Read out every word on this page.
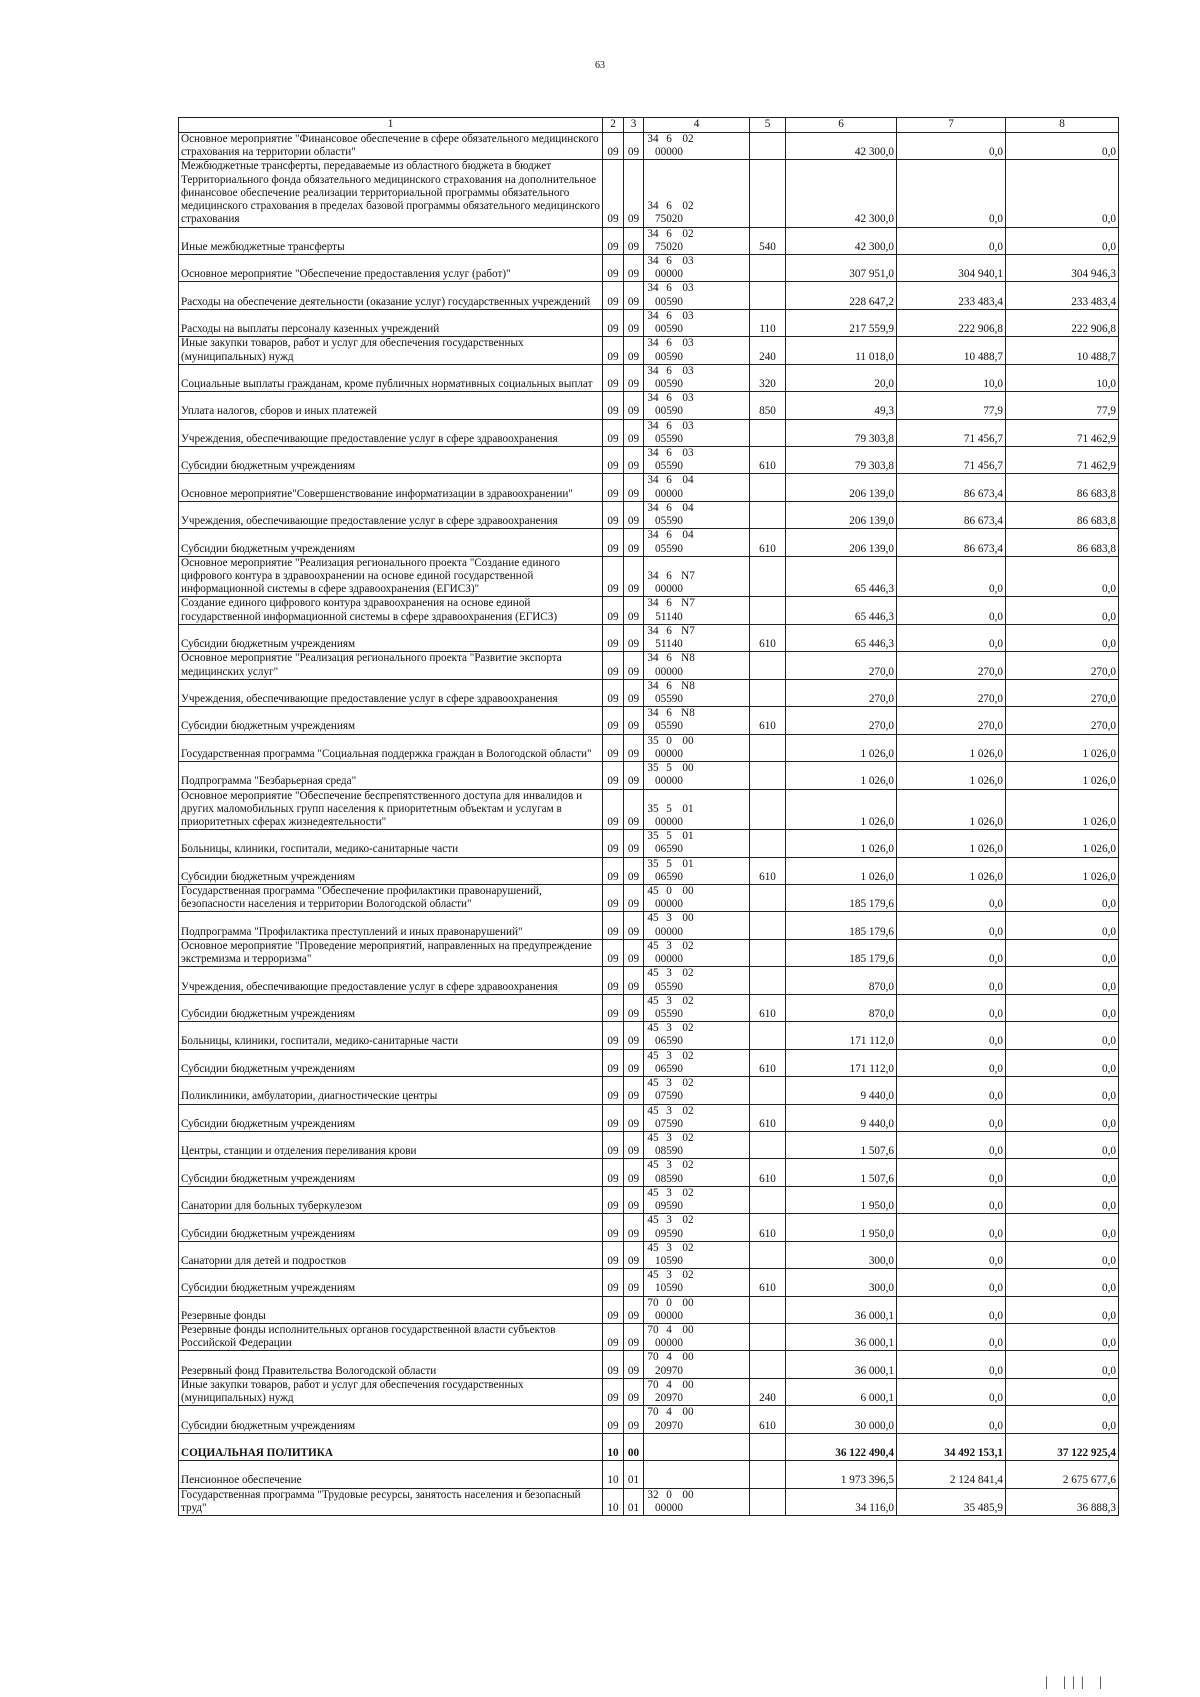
63
1	2	3	4	5	6	7	8
Основное мероприятие "Финансовое обеспечение в сфере обязательного медицинского страхования на территории области"	09	09	34 6 0200000		42 300,0	0,0	0,0
Межбюджетные трансферты, передаваемые из областного бюджета в бюджет Территориального фонда обязательного медицинского страхования на дополнительное финансовое обеспечение реализации территориальной программы обязательного медицинского страхования в пределах базовой программы обязательного медицинского страхования	09	09	34 6 0275020		42 300,0	0,0	0,0
Иные межбюджетные трансферты	09	09	34 6 0275020	540	42 300,0	0,0	0,0
Основное мероприятие "Обеспечение предоставления услуг (работ)"	09	09	34 6 0300000		307 951,0	304 940,1	304 946,3
Расходы на обеспечение деятельности (оказание услуг) государственных учреждений	09	09	34 6 0300590		228 647,2	233 483,4	233 483,4
Расходы на выплаты персоналу казенных учреждений	09	09	34 6 0300590	110	217 559,9	222 906,8	222 906,8
Иные закупки товаров, работ и услуг для обеспечения государственных (муниципальных) нужд	09	09	34 6 0300590	240	11 018,0	10 488,7	10 488,7
Социальные выплаты гражданам, кроме публичных нормативных социальных выплат	09	09	34 6 0300590	320	20,0	10,0	10,0
Уплата налогов, сборов и иных платежей	09	09	34 6 0300590	850	49,3	77,9	77,9
Учреждения, обеспечивающие предоставление услуг в сфере здравоохранения	09	09	34 6 0305590		79 303,8	71 456,7	71 462,9
Субсидии бюджетным учреждениям	09	09	34 6 0305590	610	79 303,8	71 456,7	71 462,9
Основное мероприятие"Совершенствование информатизации в здравоохранении"	09	09	34 6 0400000		206 139,0	86 673,4	86 683,8
Учреждения, обеспечивающие предоставление услуг в сфере здравоохранения	09	09	34 6 0405590		206 139,0	86 673,4	86 683,8
Субсидии бюджетным учреждениям	09	09	34 6 0405590	610	206 139,0	86 673,4	86 683,8
Основное мероприятие "Реализация регионального проекта "Создание единого цифрового контура в здравоохранении на основе единой государственной информационной системы в сфере здравоохранения (ЕГИСЗ)"	09	09	34 6 N700000		65 446,3	0,0	0,0
Создание единого цифрового контура здравоохранения на основе единой государственной информационной системы в сфере здравоохранения (ЕГИСЗ)	09	09	34 6 N751140		65 446,3	0,0	0,0
Субсидии бюджетным учреждениям	09	09	34 6 N751140	610	65 446,3	0,0	0,0
Основное мероприятие "Реализация регионального проекта "Развитие экспорта медицинских услуг"	09	09	34 6 N800000		270,0	270,0	270,0
Учреждения, обеспечивающие предоставление услуг в сфере здравоохранения	09	09	34 6 N805590		270,0	270,0	270,0
Субсидии бюджетным учреждениям	09	09	34 6 N805590	610	270,0	270,0	270,0
Государственная программа "Социальная поддержка граждан в Вологодской области"	09	09	35 0 0000000		1 026,0	1 026,0	1 026,0
Подпрограмма "Безбарьерная среда"	09	09	35 5 0000000		1 026,0	1 026,0	1 026,0
Основное мероприятие "Обеспечение беспрепятственного доступа для инвалидов и других маломобильных групп населения к приоритетным объектам и услугам в приоритетных сферах жизнедеятельности"	09	09	35 5 0100000		1 026,0	1 026,0	1 026,0
Больницы, клиники, госпитали, медико-санитарные части	09	09	35 5 0106590		1 026,0	1 026,0	1 026,0
Субсидии бюджетным учреждениям	09	09	35 5 0106590	610	1 026,0	1 026,0	1 026,0
Государственная программа "Обеспечение профилактики правонарушений, безопасности населения и территории Вологодской области"	09	09	45 0 0000000		185 179,6	0,0	0,0
Подпрограмма "Профилактика преступлений и иных правонарушений"	09	09	45 3 0000000		185 179,6	0,0	0,0
Основное мероприятие "Проведение мероприятий, направленных на предупреждение экстремизма и терроризма"	09	09	45 3 0200000		185 179,6	0,0	0,0
Учреждения, обеспечивающие предоставление услуг в сфере здравоохранения	09	09	45 3 0205590		870,0	0,0	0,0
Субсидии бюджетным учреждениям	09	09	45 3 0205590	610	870,0	0,0	0,0
Больницы, клиники, госпитали, медико-санитарные части	09	09	45 3 0206590		171 112,0	0,0	0,0
Субсидии бюджетным учреждениям	09	09	45 3 0206590	610	171 112,0	0,0	0,0
Поликлиники, амбулатории, диагностические центры	09	09	45 3 0207590		9 440,0	0,0	0,0
Субсидии бюджетным учреждениям	09	09	45 3 0207590	610	9 440,0	0,0	0,0
Центры, станции и отделения переливания крови	09	09	45 3 0208590		1 507,6	0,0	0,0
Субсидии бюджетным учреждениям	09	09	45 3 0208590	610	1 507,6	0,0	0,0
Санатории для больных туберкулезом	09	09	45 3 0209590		1 950,0	0,0	0,0
Субсидии бюджетным учреждениям	09	09	45 3 0209590	610	1 950,0	0,0	0,0
Санатории для детей и подростков	09	09	45 3 0210590		300,0	0,0	0,0
Субсидии бюджетным учреждениям	09	09	45 3 0210590	610	300,0	0,0	0,0
Резервные фонды	09	09	70 0 0000000		36 000,1	0,0	0,0
Резервные фонды исполнительных органов государственной власти субъектов Российской Федерации	09	09	70 4 0000000		36 000,1	0,0	0,0
Резервный фонд Правительства Вологодской области	09	09	70 4 0020970		36 000,1	0,0	0,0
Иные закупки товаров, работ и услуг для обеспечения государственных (муниципальных) нужд	09	09	70 4 0020970	240	6 000,1	0,0	0,0
Субсидии бюджетным учреждениям	09	09	70 4 0020970	610	30 000,0	0,0	0,0
СОЦИАЛЬНАЯ ПОЛИТИКА	10	00			36 122 490,4	34 492 153,1	37 122 925,4
Пенсионное обеспечение	10	01			1 973 396,5	2 124 841,4	2 675 677,6
Государственная программа "Трудовые ресурсы, занятость населения и безопасный труд"	10	01	32 0 0000000		34 116,0	35 485,9	36 888,3
| ||| |
